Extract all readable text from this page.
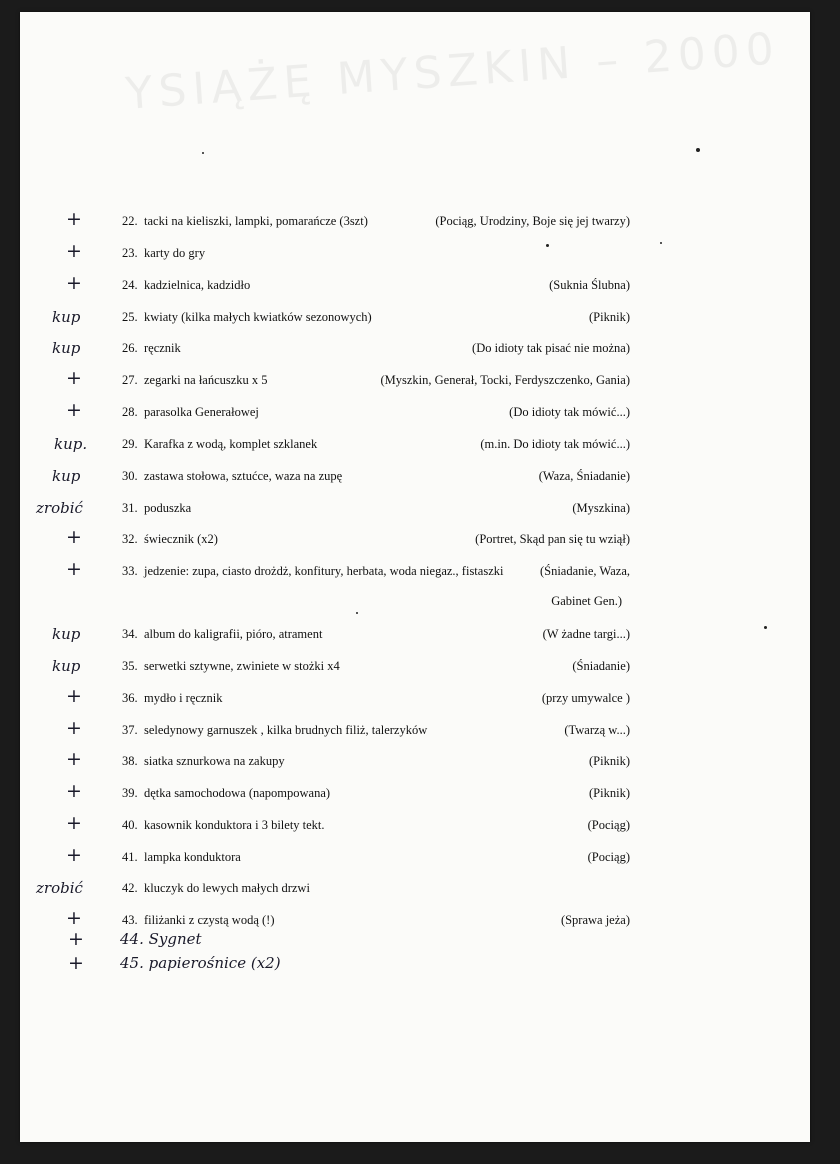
YSIĄŻĘ MYSZKIN – 2000
+	22. tacki na kieliszki, lampki, pomarańcze (3szt)	(Pociąg, Urodziny, Boje się jej twarzy)
+	23. karty do gry
+	24. kadzielnica, kadzidło	(Suknia Ślubna)
kup	25. kwiaty (kilka małych kwiatków sezonowych)	(Piknik)
kup	26. ręcznik	(Do idioty tak pisać nie można)
+	27. zegarki na łańcuszku x 5	(Myszkin, Generał, Tocki, Ferdyszczenko, Gania)
+	28. parasolka Generałowej	(Do idioty tak mówić...)
kup.	29. Karafka z wodą, komplet szklanek	(m.in. Do idioty tak mówić...)
kup	30. zastawa stołowa, sztućce, waza na zupę	(Waza, Śniadanie)
zrobić	31. poduszka	(Myszkina)
+	32. świecznik (x2)	(Portret, Skąd pan się tu wziął)
+	33. jedzenie: zupa, ciasto drożdż, konfitury, herbata, woda niegaz., fistaszki	(Śniadanie, Waza,
Gabinet Gen.)
kup	34. album do kaligrafii, pióro, atrament	(W żadne targi...)
kup	35. serwetki sztywne, zwiniete w stożki x4	(Śniadanie)
+	36. mydło i ręcznik	(przy umywalce )
+	37. seledynowy garnuszek , kilka brudnych filiż, talerzyków	(Twarzą w...)
+	38. siatka sznurkowa na zakupy	(Piknik)
+	39. dętka samochodowa (napompowana)	(Piknik)
+	40. kasownik konduktora i 3 bilety tekt.	(Pociąg)
+	41. lampka konduktora	(Pociąg)
zrobić	42. kluczyk do lewych małych drzwi
+	43. filiżanki z czystą wodą (!)	(Sprawa jeża)
+ 44. Sygnet
+ 45. papierośnice (x2)
